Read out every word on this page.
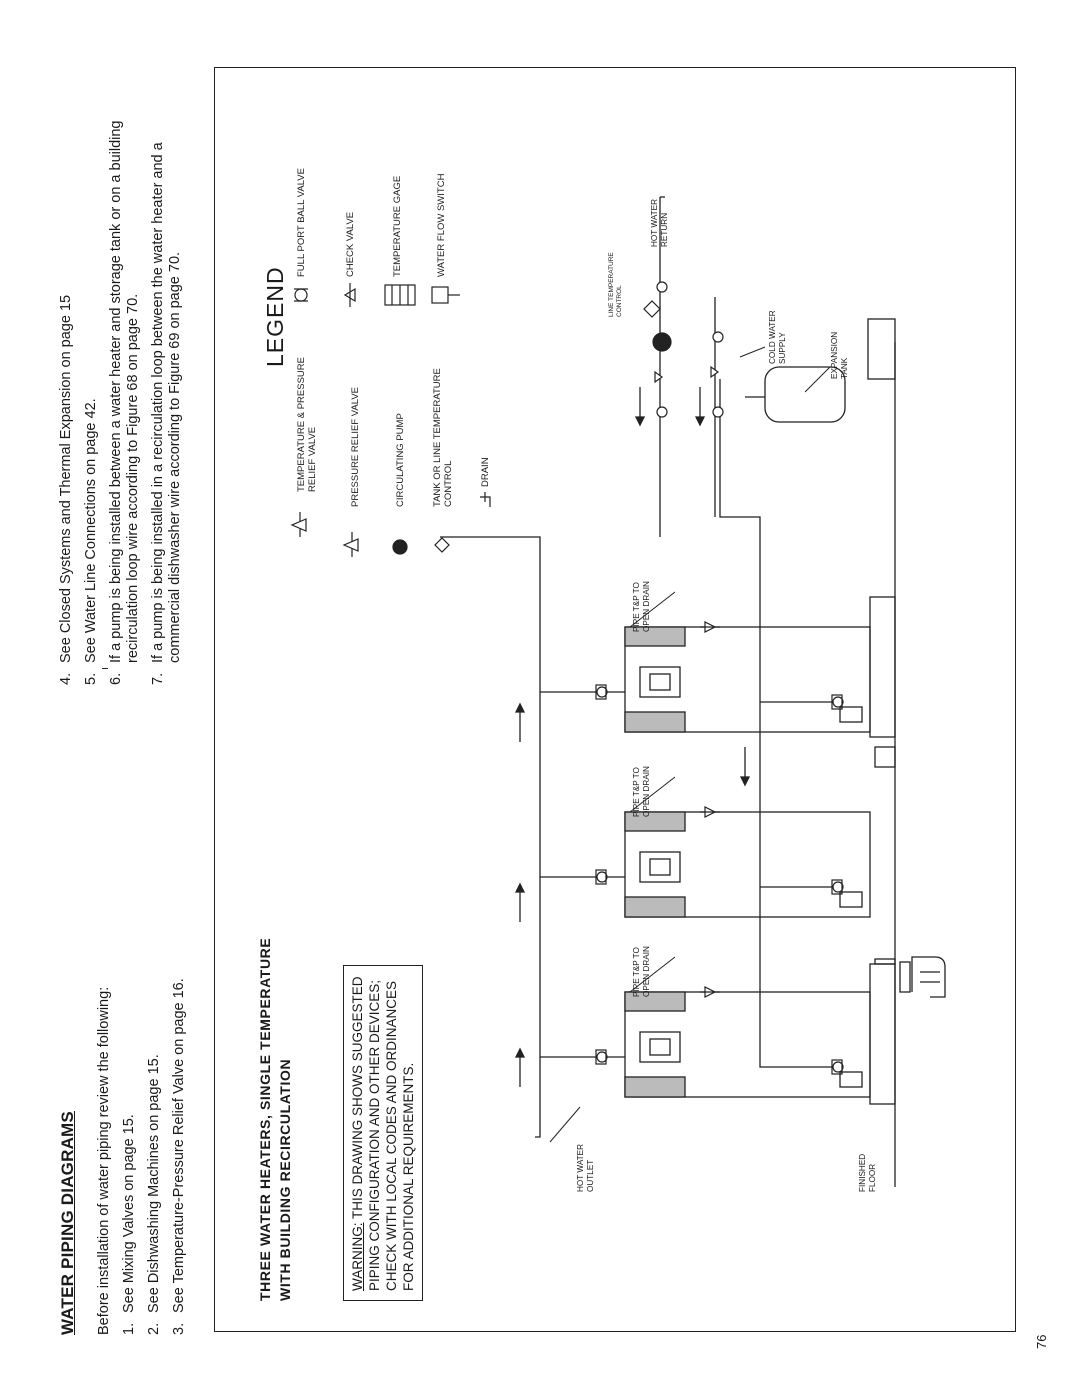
WATER PIPING DIAGRAMS Before installation of water piping review the following: 1.
See Mixing Valves on page 15.
2.
See Dishwashing Machines on page 15.
3.
See Temperature-Pressure Relief Valve on page 16.
4.
See Closed Systems and Thermal Expansion on page 15
5.
See Water Line Connections on page 42.
6.
If a pump is being installed between a water heater and storage tank or on a building
recirculation loop wire according to Figure 68 on page 70.
7.
If a pump is being installed in a recirculation loop between the water heater and a
commercial dishwasher wire according to Figure 69 on page 70.
THREE WATER HEATERS, SINGLE TEMPERATURE WITH BUILDING RECIRCULATION	WARNING: THIS DRAWING SHOWS SUGGESTED PIPING CONFIGURATION AND OTHER DEVICES; CHECK WITH LOCAL CODES AND ORDINANCES FOR ADDITIONAL REQUIREMENTS.	HOT WATER OUTLET	FINISHED FLOOR
PIPE T&P TO OPEN DRAIN
PIPE T&P TO OPEN DRAIN
PIPE T&P TO OPEN DRAIN
COLD WATER SUPPLY	EXPANSION TANK
LINE TEMPERATURE CONTROL
HOT WATER RETURN
LEGEND
TEMPERATURE & PRESSURE RELIEF VALVE	PRESSURE RELIEF VALVE	CIRCULATING PUMP	TANK OR LINE TEMPERATURE CONTROL	DRAIN
FULL PORT BALL VALVE	CHECK VALVE	TEMPERATURE GAGE	WATER FLOW SWITCH
76
